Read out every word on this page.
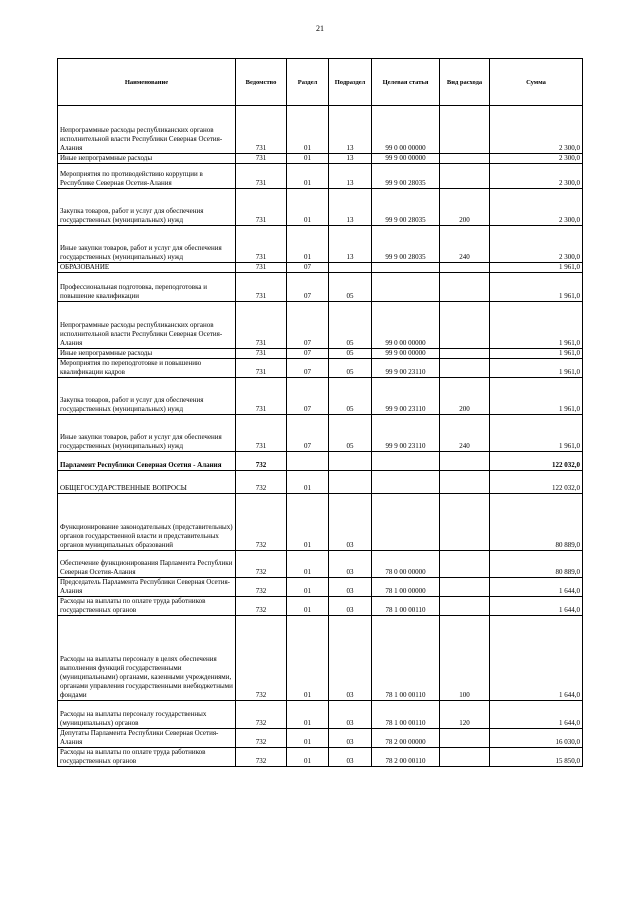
21
Наименование	Ведомство	Раздел	Подраздел	Целевая статья	Вид расхода	Сумма
Непрограммные расходы республиканских органов исполнительной власти Республики Северная Осетия-Алания	731	01	13	99 0 00 00000		2 300,0
Иные непрограммные расходы	731	01	13	99 9 00 00000		2 300,0
Мероприятия по противодействию коррупции в Республике Северная Осетия-Алания	731	01	13	99 9 00 28035		2 300,0
Закупка товаров, работ и услуг для обеспечения государственных (муниципальных) нужд	731	01	13	99 9 00 28035	200	2 300,0
Иные закупки товаров, работ и услуг для обеспечения государственных (муниципальных) нужд	731	01	13	99 9 00 28035	240	2 300,0
ОБРАЗОВАНИЕ	731	07				1 961,0
Профессиональная подготовка, переподготовка и повышение квалификации	731	07	05			1 961,0
Непрограммные расходы республиканских органов исполнительной власти Республики Северная Осетия-Алания	731	07	05	99 0 00 00000		1 961,0
Иные непрограммные расходы	731	07	05	99 9 00 00000		1 961,0
Мероприятия по переподготовке и повышению квалификации кадров	731	07	05	99 9 00 23110		1 961,0
Закупка товаров, работ и услуг для обеспечения государственных (муниципальных) нужд	731	07	05	99 9 00 23110	200	1 961,0
Иные закупки товаров, работ и услуг для обеспечения государственных (муниципальных) нужд	731	07	05	99 9 00 23110	240	1 961,0
Парламент Республики Северная Осетия - Алания	732					122 032,0
ОБЩЕГОСУДАРСТВЕННЫЕ ВОПРОСЫ	732	01				122 032,0
Функционирование законодательных (представительных) органов государственной власти и представительных органов муниципальных образований	732	01	03			80 889,0
Обеспечение функционирования Парламента Республики Северная Осетия-Алания	732	01	03	78 0 00 00000		80 889,0
Председатель Парламента Республики Северная Осетия-Алания	732	01	03	78 1 00 00000		1 644,0
Расходы на выплаты по оплате труда работников государственных органов	732	01	03	78 1 00 00110		1 644,0
Расходы на выплаты персоналу в целях обеспечения выполнения функций государственными (муниципальными) органами, казенными учреждениями, органами управления государственными внебюджетными фондами	732	01	03	78 1 00 00110	100	1 644,0
Расходы на выплаты персоналу государственных (муниципальных) органов	732	01	03	78 1 00 00110	120	1 644,0
Депутаты Парламента Республики Северная Осетия-Алания	732	01	03	78 2 00 00000		16 030,0
Расходы на выплаты по оплате труда работников государственных органов	732	01	03	78 2 00 00110		15 850,0
